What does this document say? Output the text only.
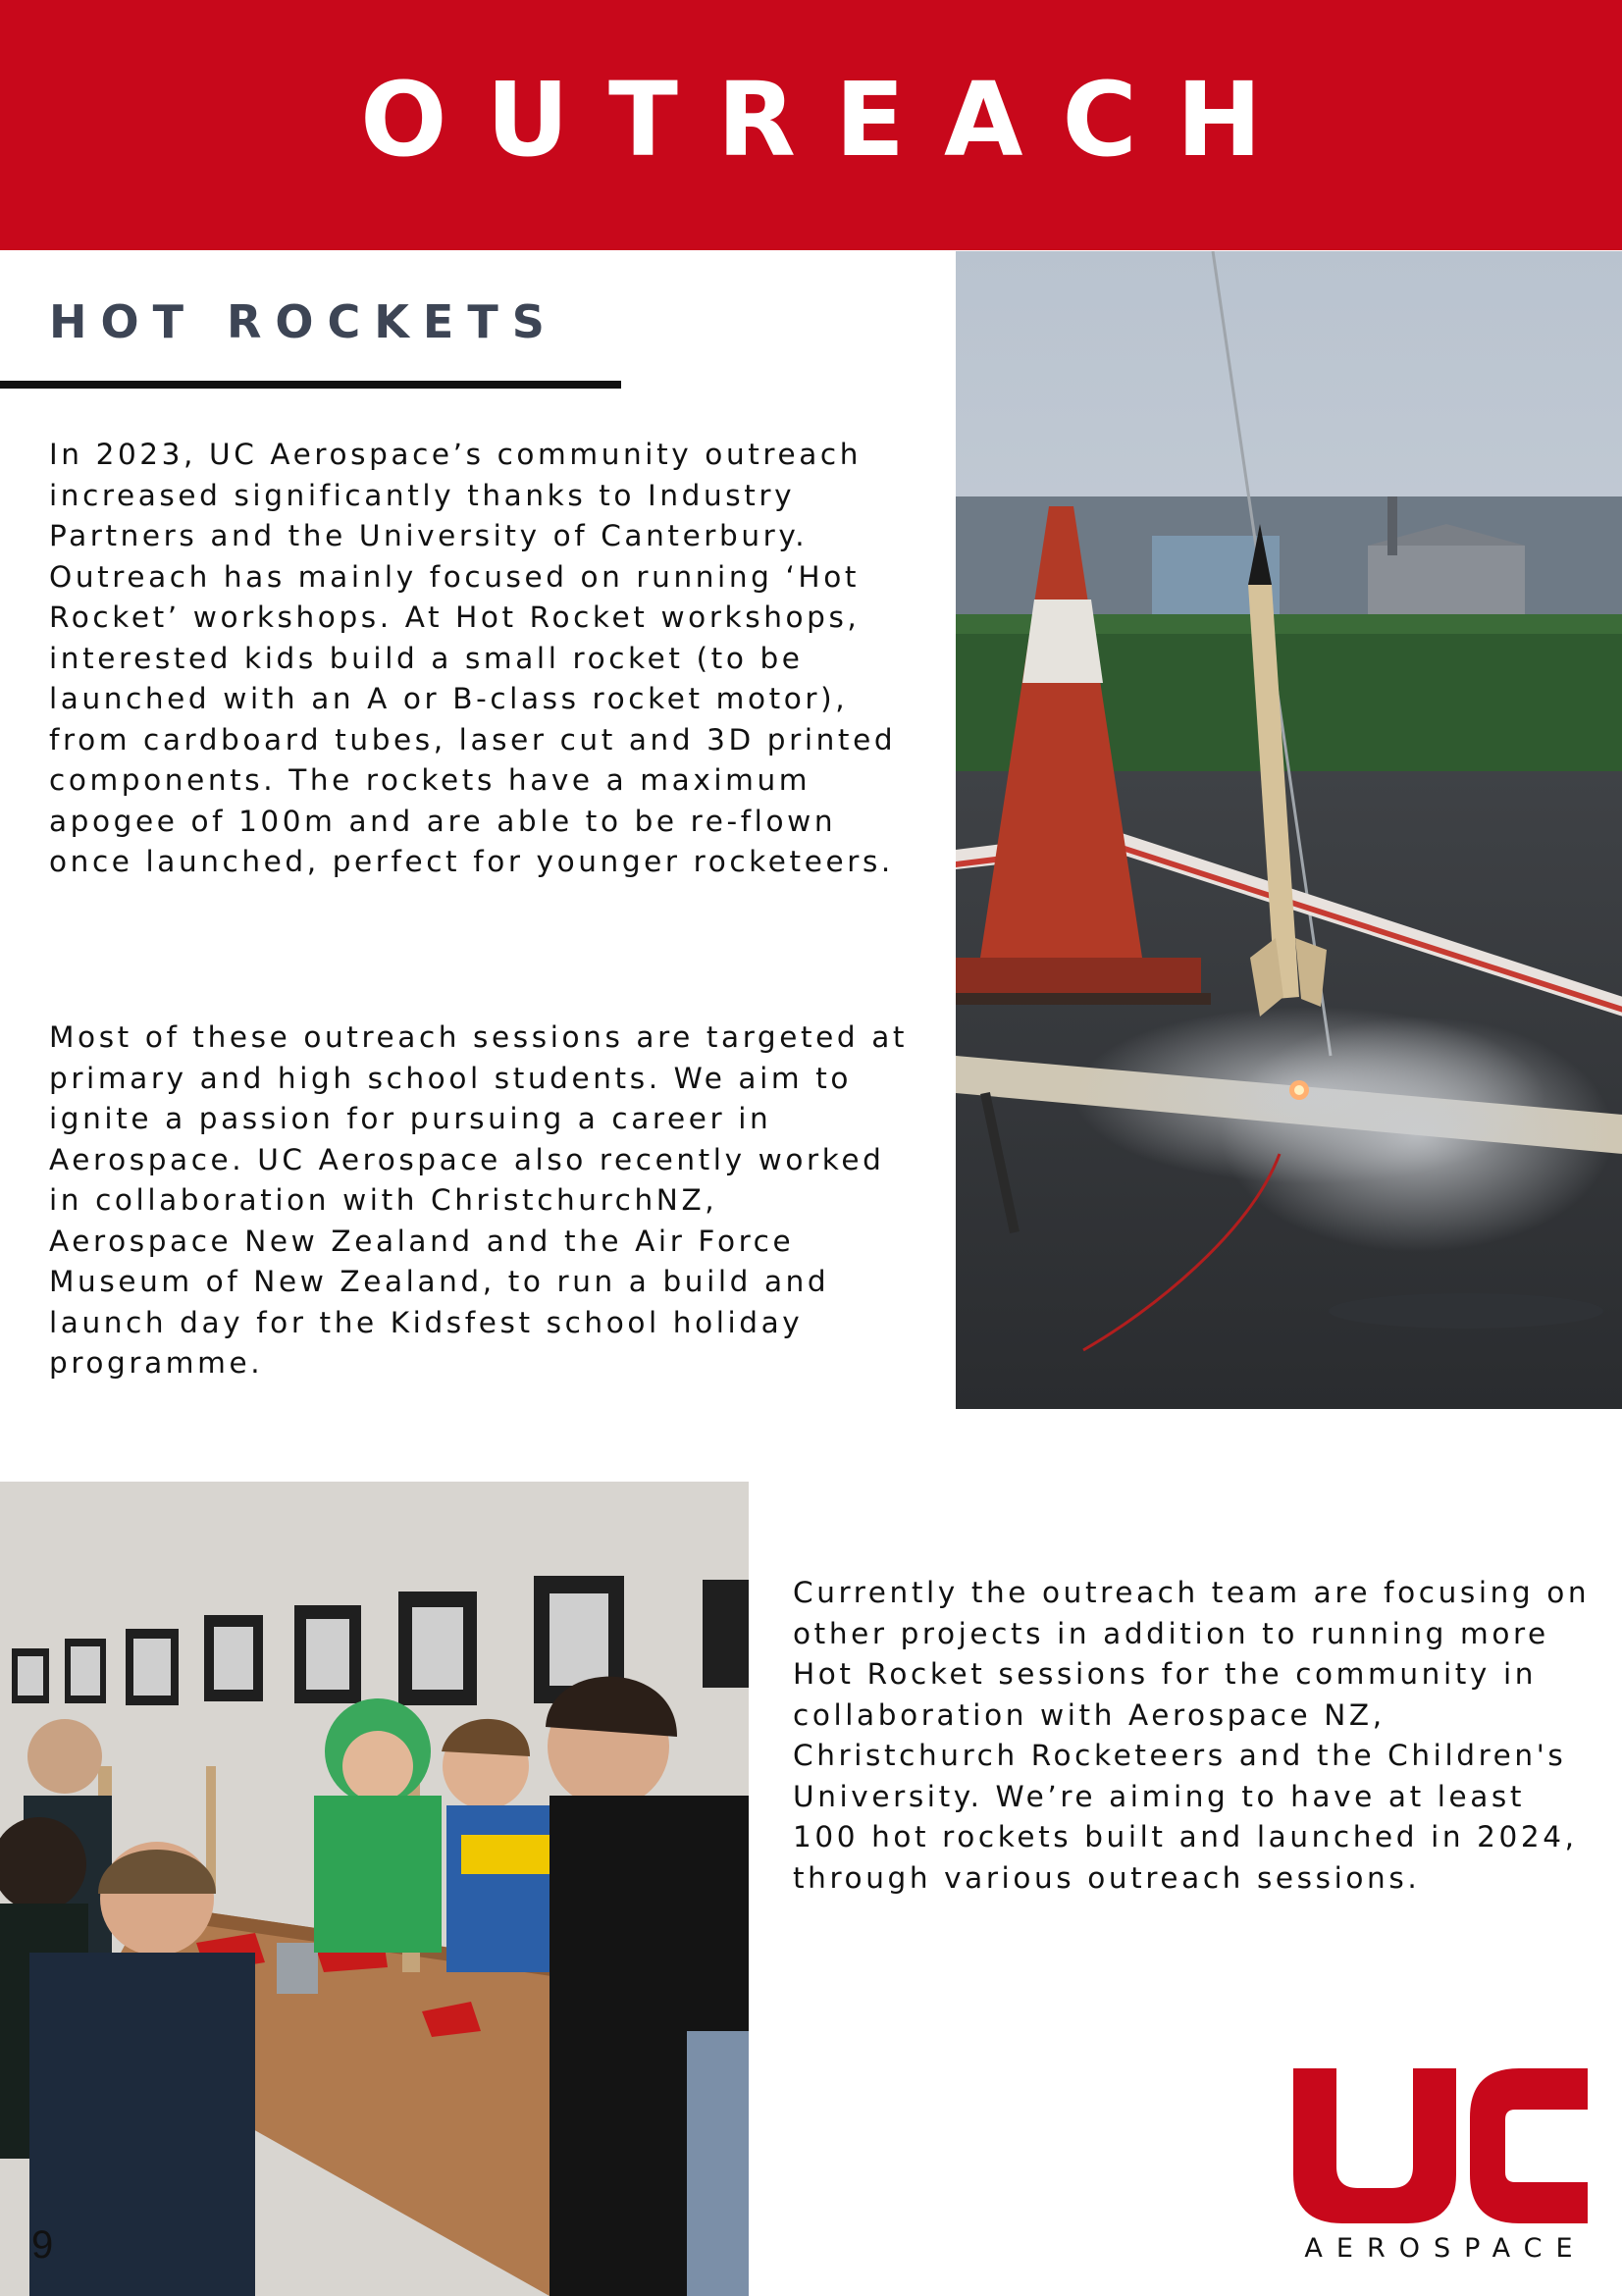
OUTREACH
HOT ROCKETS

In 2023, UC Aerospace’s community outreach increased significantly thanks to Industry Partners and the University of Canterbury. Outreach has mainly focused on running ‘Hot Rocket’ workshops. At Hot Rocket workshops, interested kids build a small rocket (to be launched with an A or B-class rocket motor), from cardboard tubes, laser cut and 3D printed components. The rockets have a maximum apogee of 100m and are able to be re-flown once launched, perfect for younger rocketeers.

Most of these outreach sessions are targeted at primary and high school students. We aim to ignite a passion for pursuing a career in Aerospace. UC Aerospace also recently worked in collaboration with ChristchurchNZ, Aerospace New Zealand and the Air Force Museum of New Zealand, to run a build and launch day for the Kidsfest school holiday programme.

Currently the outreach team are focusing on other projects in addition to running more Hot Rocket sessions for the community in collaboration with Aerospace NZ, Christchurch Rocketeers and the Children's University. We’re aiming to have at least 100 hot rockets built and launched in 2024, through various outreach sessions.

9	AEROSPACE
